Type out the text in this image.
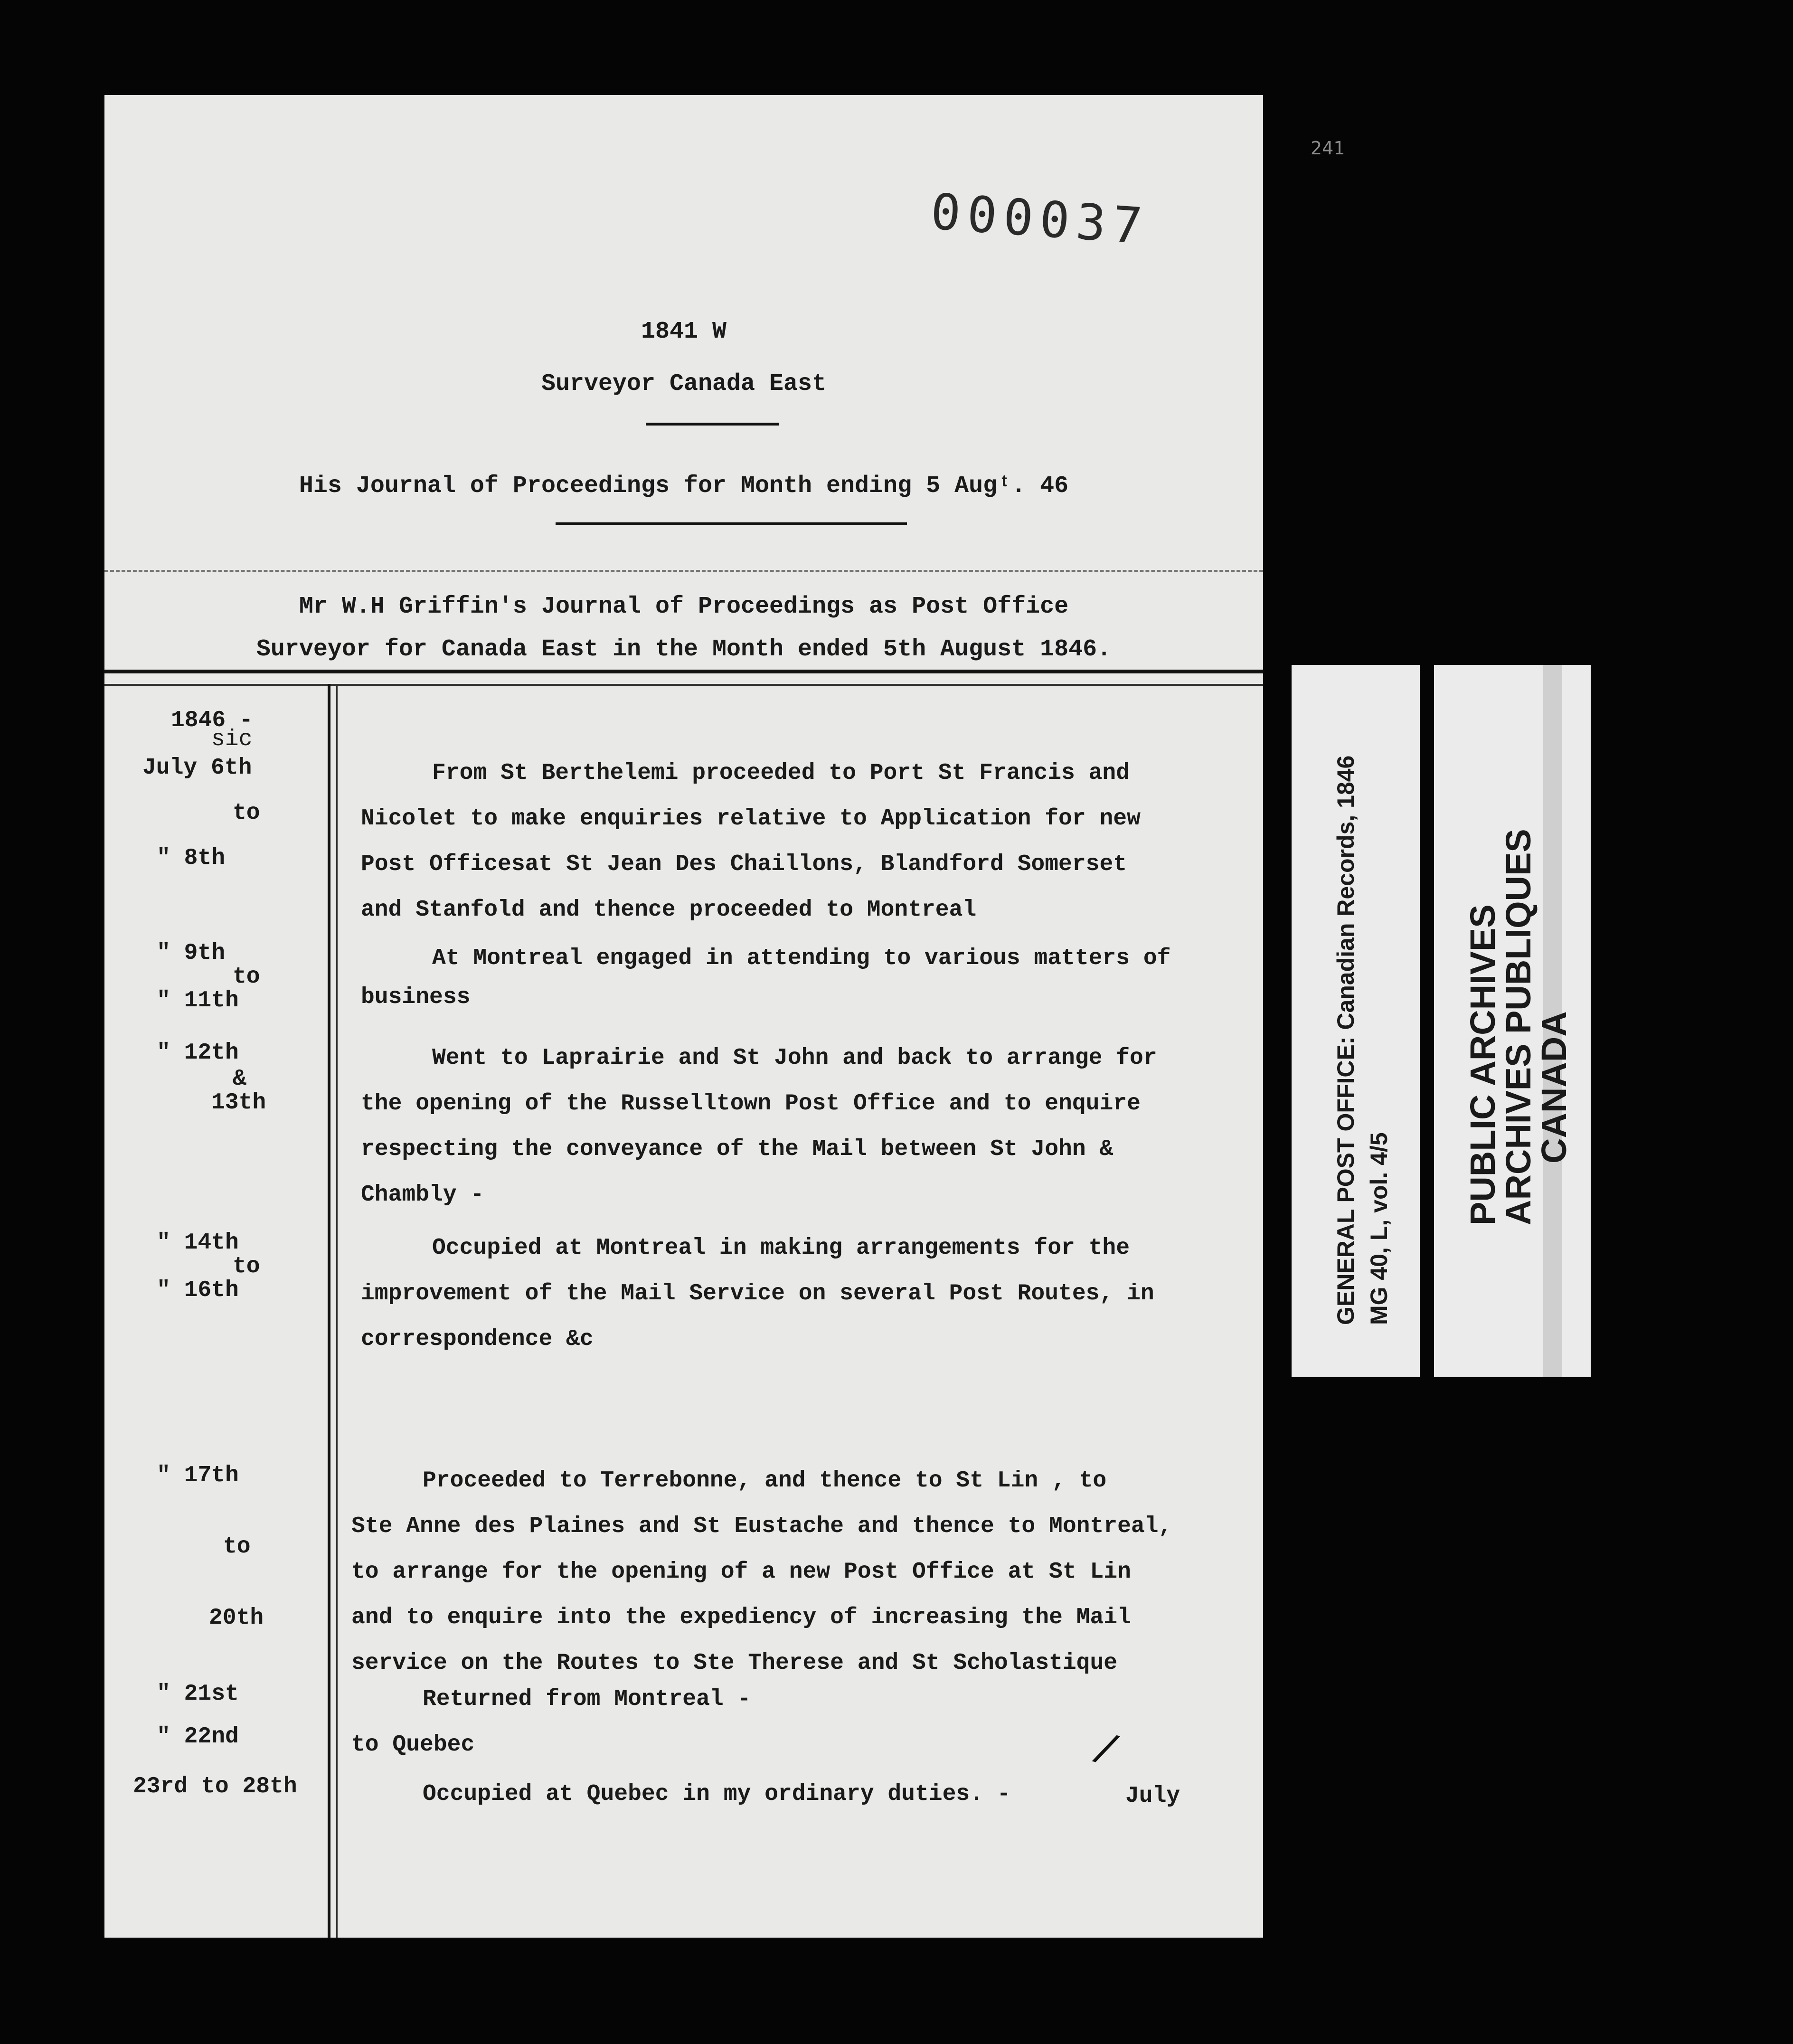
241
000037
1841 W
Surveyor Canada East
His Journal of Proceedings for Month ending 5 Augᵗ. 46
Mr W.H Griffin's Journal of Proceedings as Post Office
Surveyor for Canada East in the Month ended 5th August 1846.
1846 -
sic
July 6th
to
" 8th
From St Berthelemi proceeded to Port St Francis and
Nicolet to make enquiries relative to Application for new
Post Officesat St Jean Des Chaillons, Blandford Somerset
and Stanfold and thence proceeded to Montreal
" 9th
to
" 11th
At Montreal engaged in attending to various matters of
business
" 12th
&
13th
Went to Laprairie and St John and back to arrange for
the opening of the Russelltown Post Office and to enquire
respecting the conveyance of the Mail between St John &
Chambly -
" 14th
to
" 16th
Occupied at Montreal in making arrangements for the
improvement of the Mail Service on several Post Routes, in
correspondence &c
" 17th
to
20th
Proceeded to Terrebonne, and thence to St Lin , to
Ste Anne des Plaines and St Eustache and thence to Montreal,
to arrange for the opening of a new Post Office at St Lin
and to enquire into the expediency of increasing the Mail
service on the Routes to Ste Therese and St Scholastique
" 21st
" 22nd
Returned from Montreal -
to Quebec
23rd to 28th	Occupied at Quebec in my ordinary duties. -
/
July
GENERAL POST OFFICE: Canadian Records, 1846 MG 40, L, vol. 4/5
PUBLIC ARCHIVES
ARCHIVES PUBLIQUES
CANADA
